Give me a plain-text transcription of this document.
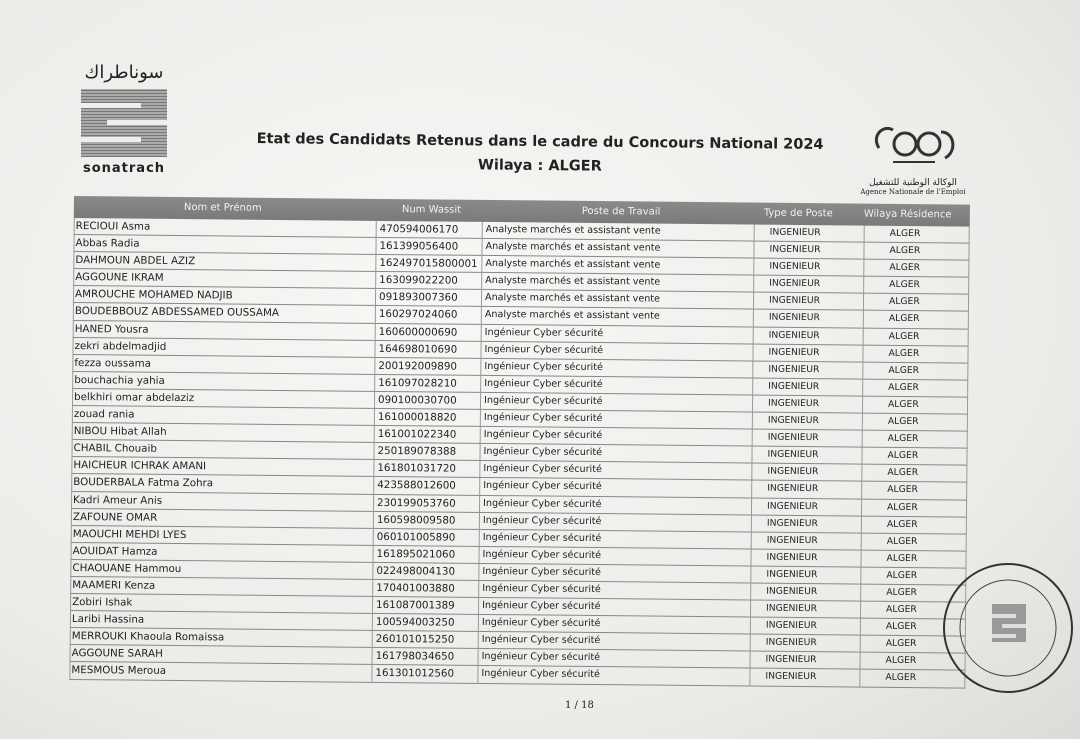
سوناطراك
sonatrach
Etat des Candidats Retenus dans le cadre du Concours National 2024
Wilaya : ALGER
الوكالة الوطنية للتشغيل
Agence Nationale de l'Emploi
Nom et Prénom	Num Wassit	Poste de Travail	Type de Poste	Wilaya Résidence
RECIOUI Asma	470594006170	Analyste marchés et assistant vente	INGENIEUR	ALGER
Abbas Radia	161399056400	Analyste marchés et assistant vente	INGENIEUR	ALGER
DAHMOUN ABDEL AZIZ	162497015800001 Analyste marchés et assistant vente	INGENIEUR	ALGER
AGGOUNE IKRAM	163099022200	Analyste marchés et assistant vente	INGENIEUR	ALGER
AMROUCHE MOHAMED NADJIB	091893007360	Analyste marchés et assistant vente	INGENIEUR	ALGER
BOUDEBBOUZ ABDESSAMED OUSSAMA	160297024060	Analyste marchés et assistant vente	INGENIEUR	ALGER
HANED Yousra	160600000690	Ingénieur Cyber sécurité	INGENIEUR	ALGER
zekri abdelmadjid	164698010690	Ingénieur Cyber sécurité	INGENIEUR	ALGER
fezza oussama	200192009890	Ingénieur Cyber sécurité	INGENIEUR	ALGER
bouchachia yahia	161097028210	Ingénieur Cyber sécurité	INGENIEUR	ALGER
belkhiri omar abdelaziz	090100030700	Ingénieur Cyber sécurité	INGENIEUR	ALGER
zouad rania	161000018820	Ingénieur Cyber sécurité	INGENIEUR	ALGER
NIBOU Hibat Allah	161001022340	Ingénieur Cyber sécurité	INGENIEUR	ALGER
CHABIL Chouaib	250189078388	Ingénieur Cyber sécurité	INGENIEUR	ALGER
HAICHEUR ICHRAK AMANI	161801031720	Ingénieur Cyber sécurité	INGENIEUR	ALGER
BOUDERBALA Fatma Zohra	423588012600	Ingénieur Cyber sécurité	INGENIEUR	ALGER
Kadri Ameur Anis	230199053760	Ingénieur Cyber sécurité	INGENIEUR	ALGER
ZAFOUNE OMAR	160598009580	Ingénieur Cyber sécurité	INGENIEUR	ALGER
MAOUCHI MEHDI LYES	060101005890	Ingénieur Cyber sécurité	INGENIEUR	ALGER
AOUIDAT Hamza	161895021060	Ingénieur Cyber sécurité	INGENIEUR	ALGER
CHAOUANE Hammou	022498004130	Ingénieur Cyber sécurité	INGENIEUR	ALGER
MAAMERI Kenza	170401003880	Ingénieur Cyber sécurité	INGENIEUR	ALGER
Zobiri Ishak	161087001389	Ingénieur Cyber sécurité	INGENIEUR	ALGER
Laribi Hassina	100594003250	Ingénieur Cyber sécurité	INGENIEUR	ALGER
MERROUKI Khaoula Romaissa	260101015250	Ingénieur Cyber sécurité	INGENIEUR	ALGER
AGGOUNE SARAH	161798034650	Ingénieur Cyber sécurité	INGENIEUR	ALGER
MESMOUS Meroua	161301012560	Ingénieur Cyber sécurité	INGENIEUR	ALGER
1 / 18
